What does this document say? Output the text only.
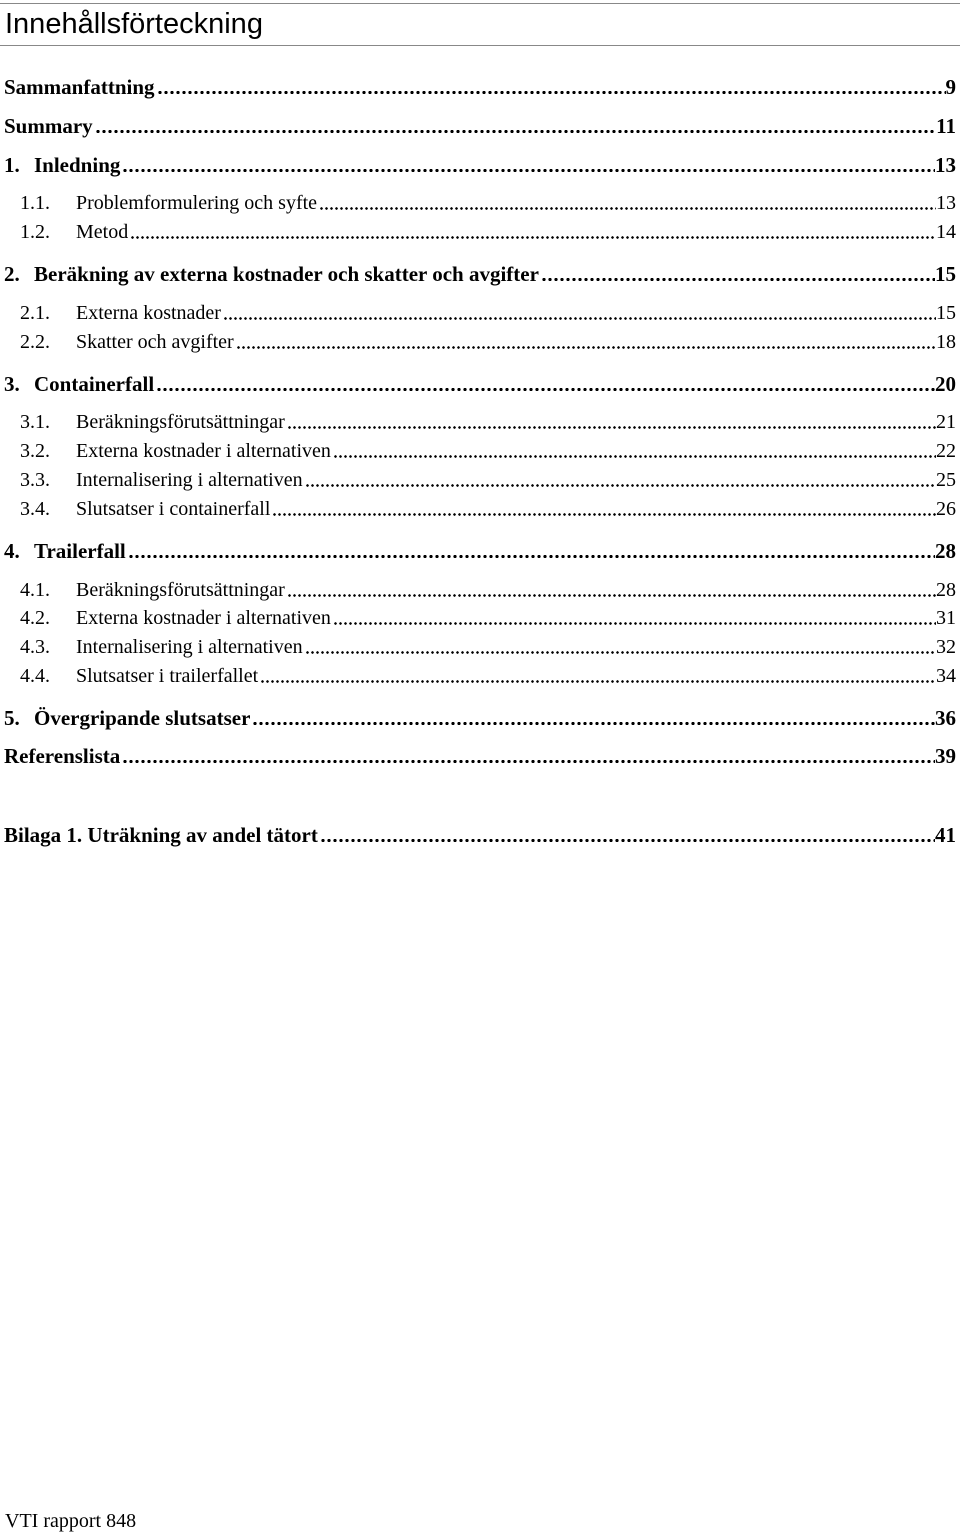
Innehållsförteckning
Sammanfattning	9
Summary	11
1. Inledning	13
1.1.	Problemformulering och syfte	13
1.2.	Metod	14
2. Beräkning av externa kostnader och skatter och avgifter	15
2.1.	Externa kostnader	15
2.2.	Skatter och avgifter	18
3. Containerfall	20
3.1.	Beräkningsförutsättningar	21
3.2.	Externa kostnader i alternativen	22
3.3.	Internalisering i alternativen	25
3.4.	Slutsatser i containerfall	26
4. Trailerfall	28
4.1.	Beräkningsförutsättningar	28
4.2.	Externa kostnader i alternativen	31
4.3.	Internalisering i alternativen	32
4.4.	Slutsatser i trailerfallet	34
5. Övergripande slutsatser	36
Referenslista	39
Bilaga 1. Uträkning av andel tätort	41
VTI rapport 848
